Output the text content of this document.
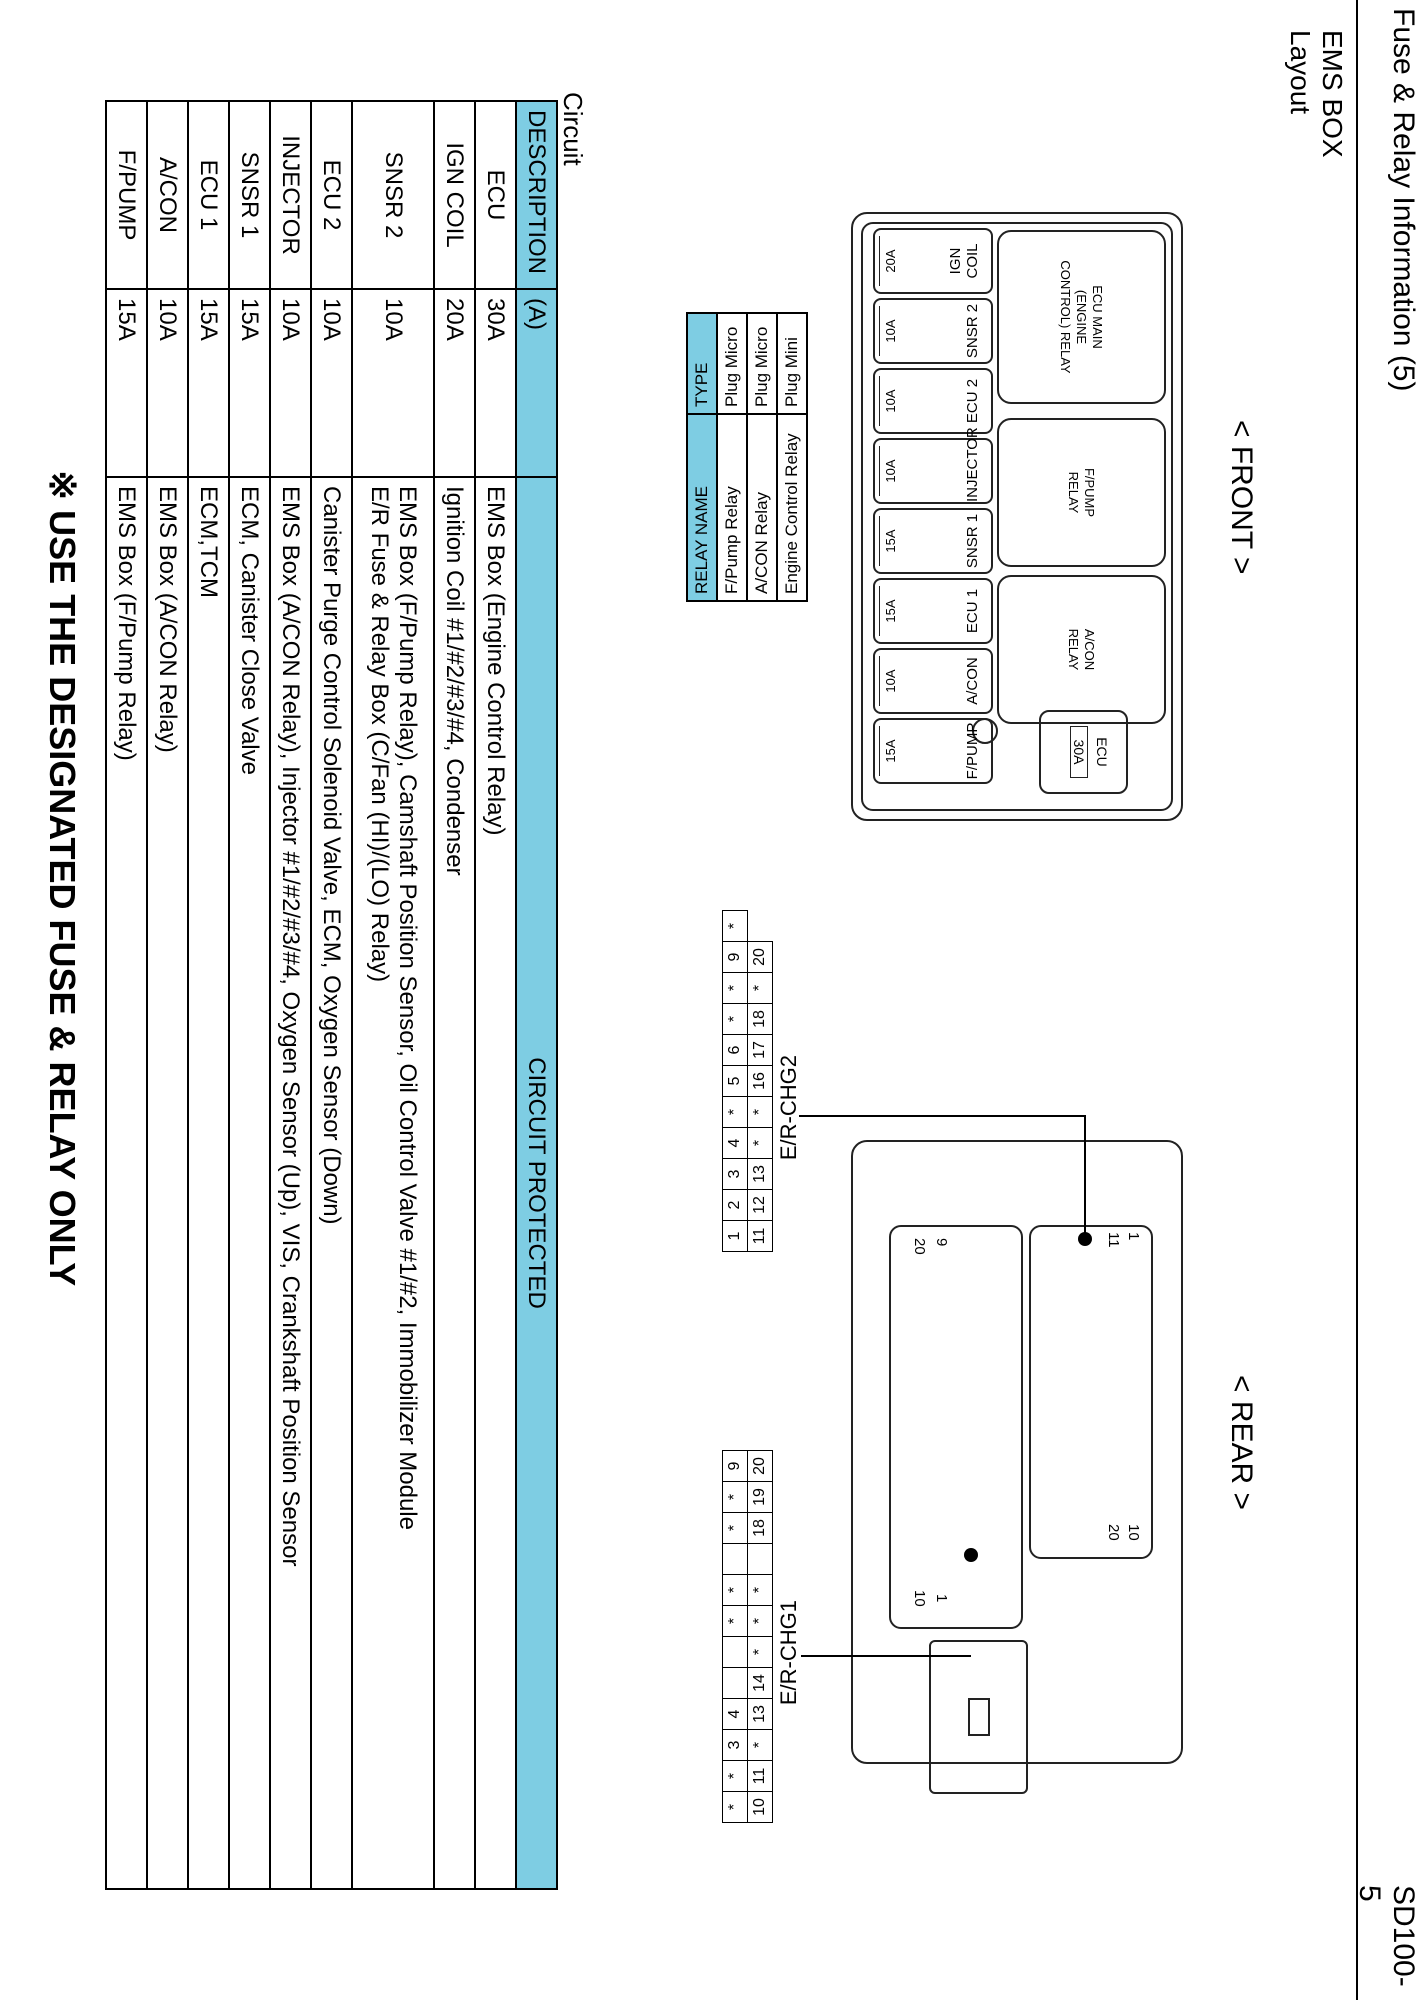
Fuse & Relay Information (5)
SD100-5
EMS BOX
Layout
< FRONT >
ECU MAIN (ENGINE CONTROL) RELAY
F/PUMP RELAY
A/CON RELAY
ECU
30A
IGN COIL
20A
SNSR 2
10A
ECU 2
10A
INJECTOR
10A
SNSR 1
15A
ECU 1
15A
A/CON
10A
F/PUMP
15A
RELAY NAME	TYPE
F/Pump Relay	Plug Micro
A/CON Relay	Plug Micro
Engine Control Relay	Plug Mini
< REAR >
1
11
10
20
20 9
10 1
E/R-CHG2
1	2	3	4	*	5	6	*	*	9	*
11	12	13	*	*	16	17	18	*	20	
E/R-CHG1
*	*	3	4			*	*		*	*	9
10	11	*	13	14	*	*	*		18	19	20
Circuit
DESCRIPTION	(A)	CIRCUIT PROTECTED
ECU	30A	EMS Box (Engine Control Relay)
IGN COIL	20A	Ignition Coil #1/#2/#3/#4, Condenser
SNSR 2	10A	EMS Box (F/Pump Relay), Camshaft Position Sensor, Oil Control Valve #1/#2, Immobilizer Module
E/R Fuse & Relay Box (C/Fan (HI)/(LO) Relay)

ECU 2	10A	Canister Purge Control Solenoid Valve, ECM, Oxygen Sensor (Down)
INJECTOR	10A	EMS Box (A/CON Relay), Injector #1/#2/#3/#4, Oxygen Sensor (Up), VIS, Crankshaft Position Sensor
SNSR 1	15A	ECM, Canister Close Valve
ECU 1	15A	ECM,TCM
A/CON	10A	EMS Box (A/CON Relay)
F/PUMP	15A	EMS Box (F/Pump Relay)
※ USE THE DESIGNATED FUSE & RELAY ONLY
